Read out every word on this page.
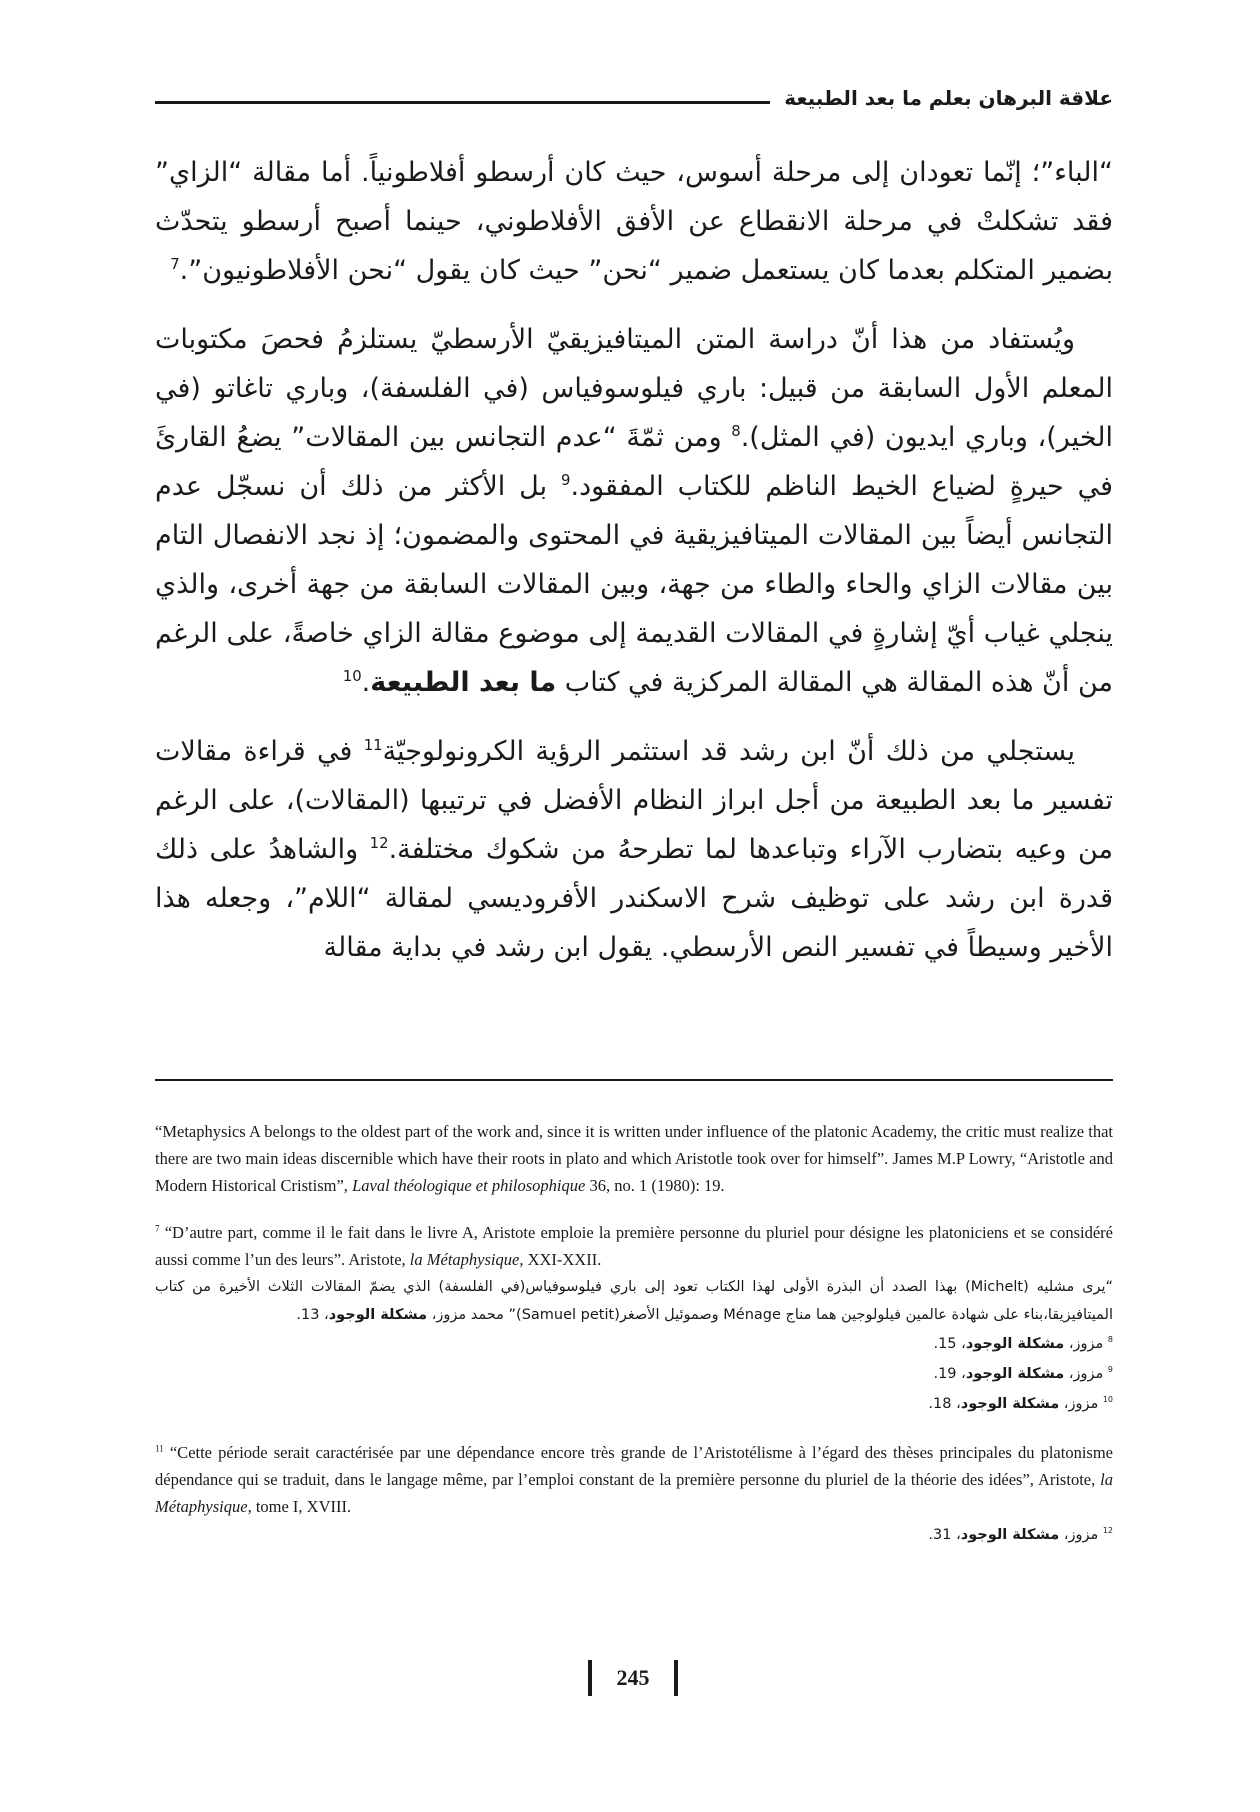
علاقة البرهان بعلم ما بعد الطبيعة

“الباء”؛ إنّما تعودان إلى مرحلة أسوس، حيث كان أرسطو أفلاطونياً. أما مقالة “الزاي” فقد تشكلتْ في مرحلة الانقطاع عن الأفق الأفلاطوني، حينما أصبح أرسطو يتحدّث بضمير المتكلم بعدما كان يستعمل ضمير “نحن” حيث كان يقول “نحن الأفلاطونيون”.$^7$

ويُستفاد من هذا أنّ دراسة المتن الميتافيزيقيّ الأرسطيّ يستلزمُ فحصَ مكتوبات المعلم الأول السابقة من قبيل: باري فيلوسوفياس (في الفلسفة)، وباري تاغاتو (في الخير)، وباري ايديون (في المثل).$^8$ ومن ثمّةَ “عدم التجانس بين المقالات” يضعُ القارئَ في حيرةٍ لضياع الخيط الناظم للكتاب المفقود.$^9$ بل الأكثر من ذلك أن نسجّل عدم التجانس أيضاً بين المقالات الميتافيزيقية في المحتوى والمضمون؛ إذ نجد الانفصال التام بين مقالات الزاي والحاء والطاء من جهة، وبين المقالات السابقة من جهة أخرى، والذي ينجلي غياب أيّ إشارةٍ في المقالات القديمة إلى موضوع مقالة الزاي خاصةً، على الرغم من أنّ هذه المقالة هي المقالة المركزية في كتاب ما بعد الطبيعة.$^{10}$

يستجلي من ذلك أنّ ابن رشد قد استثمر الرؤية الكرونولوجيّة$^{11}$ في قراءة مقالات تفسير ما بعد الطبيعة من أجل ابراز النظام الأفضل في ترتيبها (المقالات)، على الرغم من وعيه بتضارب الآراء وتباعدها لما تطرحهُ من شكوك مختلفة.$^{12}$ والشاهدُ على ذلك قدرة ابن رشد على توظيف شرح الاسكندر الأفروديسي لمقالة “اللام”، وجعله هذا الأخير وسيطاً في تفسير النص الأرسطي. يقول ابن رشد في بداية مقالة

“Metaphysics A belongs to the oldest part of the work and, since it is written under influence of the platonic Academy, the critic must realize that there are two main ideas discernible which have their roots in plato and which Aristotle took over for himself”. James M.P Lowry, “Aristotle and Modern Historical Cristism”, Laval théologique et philosophique 36, no. 1 (1980): 19.

$^7$ “D’autre part, comme il le fait dans le livre A, Aristote emploie la première personne du pluriel pour désigne les platoniciens et se considéré aussi comme l’un des leurs”. Aristote, la Métaphysique, XXI-XXII.

“يرى مشليه (Michelt) بهذا الصدد أن البذرة الأولى لهذا الكتاب تعود إلى باري فيلوسوفياس(في الفلسفة) الذي يضمّ المقالات الثلاث الأخيرة من كتاب الميتافيزيقا،بناء على شهادة عالمين فيلولوجين هما مناج Ménage وصموئيل الأصغر(Samuel petit)” محمد مزوز، مشكلة الوجود، 13.

$^8$ مزوز، مشكلة الوجود، 15.

$^9$ مزوز، مشكلة الوجود، 19.

$^{10}$ مزوز، مشكلة الوجود، 18.

$^{11}$ “Cette période serait caractérisée par une dépendance encore très grande de l’Aristotélisme à l’égard des thèses principales du platonisme dépendance qui se traduit, dans le langage même, par l’emploi constant de la première personne du pluriel de la théorie des idées”, Aristote, la Métaphysique, tome I, XVIII.

$^{12}$ مزوز، مشكلة الوجود، 31.

245
